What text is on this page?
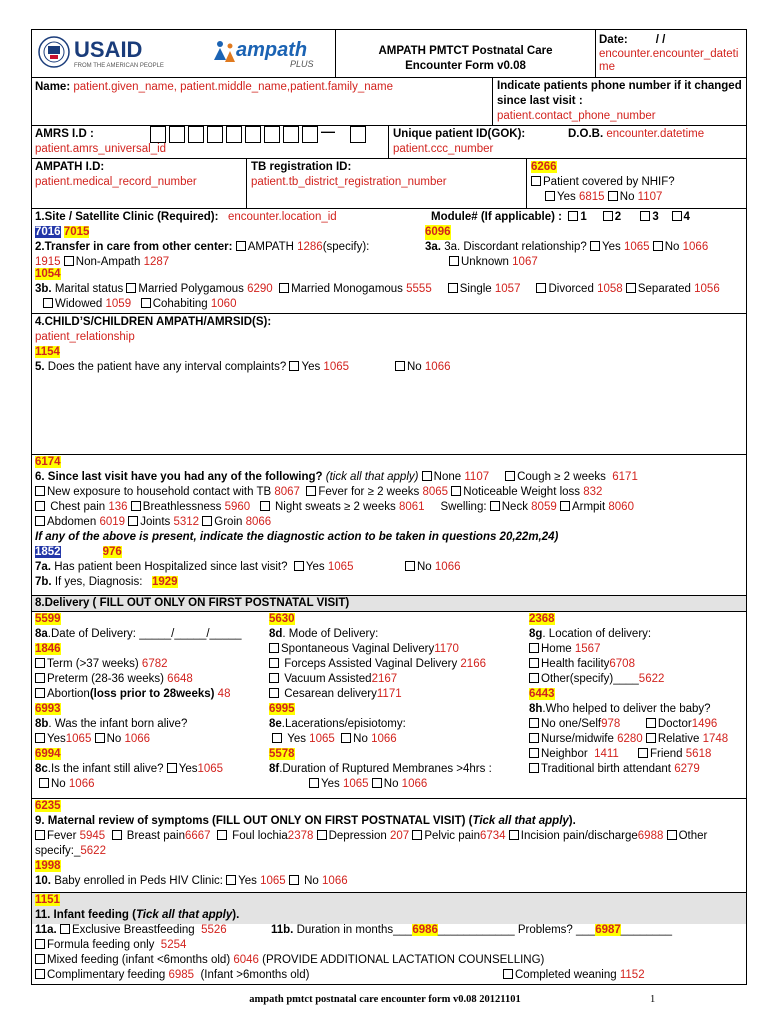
USAID
FROM THE AMERICAN PEOPLE
ampath
PLUS
AMPATH PMTCT Postnatal Care
Encounter Form v0.08
Date: / /
encounter.encounter_datetime
Name: patient.given_name, patient.middle_name,patient.family_name	Indicate patients phone number if it changed
since last visit :
patient.contact_phone_number
AMRS I.D :
patient.amrs_universal_id
—	Unique patient ID(GOK):
patient.ccc_number
D.O.B. encounter.datetime
AMPATH I.D:
patient.medical_record_number
TB registration ID:
patient.tb_district_registration_number
6266
Patient covered by NHIF?
Yes 6815 No 1107
1.Site / Satellite Clinic (Required): encounter.location_id	Module# (If applicable) : 1 2	3 4
7016 7015	6096
2.Transfer in care from other center: AMPATH 1286(specify):	3a. 3a. Discordant relationship? Yes 1065 No 1066
1915 Non-Ampath 1287	Unknown 1067
1054
3b. Marital status Married Polygamous 6290 Married Monogamous 5555 Single 1057 Divorced 1058 Separated 1056
Widowed 1059 Cohabiting 1060
4.CHILD’S/CHILDREN AMPATH/AMRSID(S):
patient_relationship
1154
5. Does the patient have any interval complaints? Yes 1065	No 1066
6174
6. Since last visit have you had any of the following? (tick all that apply) None 1107 Cough ≥ 2 weeks 6171
New exposure to household contact with TB 8067 Fever for ≥ 2 weeks 8065 Noticeable Weight loss 832
Chest pain 136 Breathlessness 5960 Night sweats ≥ 2 weeks 8061 Swelling: Neck 8059 Armpit 8060
Abdomen 6019 Joints 5312 Groin 8066
If any of the above is present, indicate the diagnostic action to be taken in questions 20,22m,24)
1852	976
7a. Has patient been Hospitalized since last visit? Yes 1065	No 1066
7b. If yes, Diagnosis: 1929
8.Delivery ( FILL OUT ONLY ON FIRST POSTNATAL VISIT)
5599
8a.Date of Delivery: _____/_____/_____
1846
Term (>37 weeks) 6782
Preterm (28-36 weeks) 6648
Abortion(loss prior to 28weeks) 48
6993
8b. Was the infant born alive?
Yes1065 No 1066
6994
8c.Is the infant still alive? Yes1065
No 1066
5630
8d. Mode of Delivery:
Spontaneous Vaginal Delivery1170
Forceps Assisted Vaginal Delivery 2166
Vacuum Assisted2167
Cesarean delivery1171
6995
8e.Lacerations/episiotomy:
Yes 1065 No 1066
5578
8f.Duration of Ruptured Membranes >4hrs :
Yes 1065 No 1066
2368
8g. Location of delivery:
Home 1567
Health facility6708
Other(specify)____5622
6443
8h.Who helped to deliver the baby?
No one/Self978	Doctor1496
Nurse/midwife 6280 Relative 1748
Neighbor 1411	Friend 5618
Traditional birth attendant 6279
6235
9. Maternal review of symptoms (FILL OUT ONLY ON FIRST POSTNATAL VISIT) (Tick all that apply).
Fever 5945 Breast pain6667 Foul lochia2378 Depression 207 Pelvic pain6734 Incision pain/discharge6988 Other
specify:_5622
1998
10. Baby enrolled in Peds HIV Clinic: Yes 1065 No 1066
1151
11. Infant feeding (Tick all that apply).
11a. Exclusive Breastfeeding 5526	11b. Duration in months___6986____________ Problems? ___6987________
Formula feeding only 5254
Mixed feeding (infant <6months old) 6046 (PROVIDE ADDITIONAL LACTATION COUNSELLING)
Complimentary feeding 6985 (Infant >6months old)	Completed weaning 1152
ampath pmtct postnatal care encounter form v0.08 20121101	1
